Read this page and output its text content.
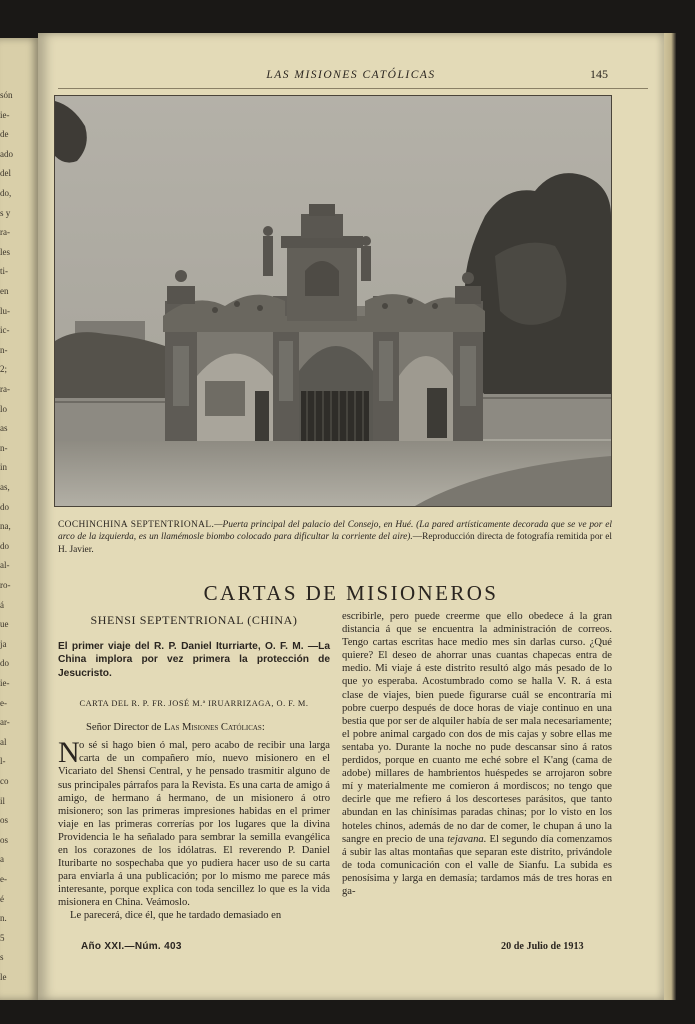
són
ie-
de
ado
del
do,
s y
ra-
les
ti-
en
lu-
ic-
n-
2;
ra-
lo
as
n-
in
as,
do
na,
do
al-
ro-
á
ue
ja
do
ie-
e-
ar-
al
l-
co
il
os
os
a
e-
é
n.
5
s
le
LAS MISIONES CATÓLICAS	145
COCHINCHINA SEPTENTRIONAL.—Puerta principal del palacio del Consejo, en Hué. (La pared artísticamente decorada que se ve por el arco de la izquierda, es un llamémosle biombo colocado para dificultar la corriente del aire).—Reproducción directa de fotografía remitida por el H. Javier.
CARTAS DE MISIONEROS
SHENSI SEPTENTRIONAL (CHINA)
El primer viaje del R. P. Daniel Iturriarte, O. F. M. —La China implora por vez primera la protección de Jesucristo.
CARTA DEL R. P. FR. JOSÉ M.ª IRUARRIZAGA, O. F. M.
Señor Director de Las Misiones Católicas:

No sé si hago bien ó mal, pero acabo de recibir una larga carta de un compañero mío, nuevo misionero en el Vicariato del Shensi Central, y he pensado trasmitir alguno de sus principales párrafos para la Revista. Es una carta de amigo á amigo, de hermano á hermano, de un misionero á otro misionero; son las primeras impresiones habidas en el primer viaje en las primeras correrías por los lugares que la divina Providencia le ha señalado para sembrar la semilla evangélica en los corazones de los idólatras. El reverendo P. Daniel Ituribarte no sospechaba que yo pudiera hacer uso de su carta para enviarla á una publicación; por lo mismo me parece más interesante, porque explica con toda sencillez lo que es la vida misionera en China. Veámoslo.

Le parecerá, dice él, que he tardado demasiado en

escribirle, pero puede creerme que ello obedece á la gran distancia á que se encuentra la administración de correos. Tengo cartas escritas hace medio mes sin darlas curso. ¿Qué quiere? El deseo de ahorrar unas cuantas chapecas entra de medio. Mi viaje á este distrito resultó algo más pesado de lo que yo esperaba. Acostumbrado como se halla V. R. á esta clase de viajes, bien puede figurarse cuál se encontraría mi pobre cuerpo después de doce horas de viaje continuo en una bestia que por ser de alquiler había de ser mala necesariamente; el pobre animal cargado con dos de mis cajas y sobre ellas me sentaba yo. Durante la noche no pude descansar sino á ratos perdidos, porque en cuanto me eché sobre el K'ang (cama de adobe) millares de hambrientos huéspedes se arrojaron sobre mí y materialmente me comieron á mordiscos; no tengo que decirle que me refiero á los descorteses parásitos, que tanto abundan en las chinísimas paradas chinas; por lo visto en los hoteles chinos, además de no dar de comer, le chupan á uno la sangre en precio de una tejavana. El segundo día comenzamos á subir las altas montañas que separan este distrito, privándole de toda comunicación con el valle de Sianfu. La subida es penosísima y larga en demasía; tardamos más de tres horas en ga-

Año XXI.—Núm. 403	20 de Julio de 1913
